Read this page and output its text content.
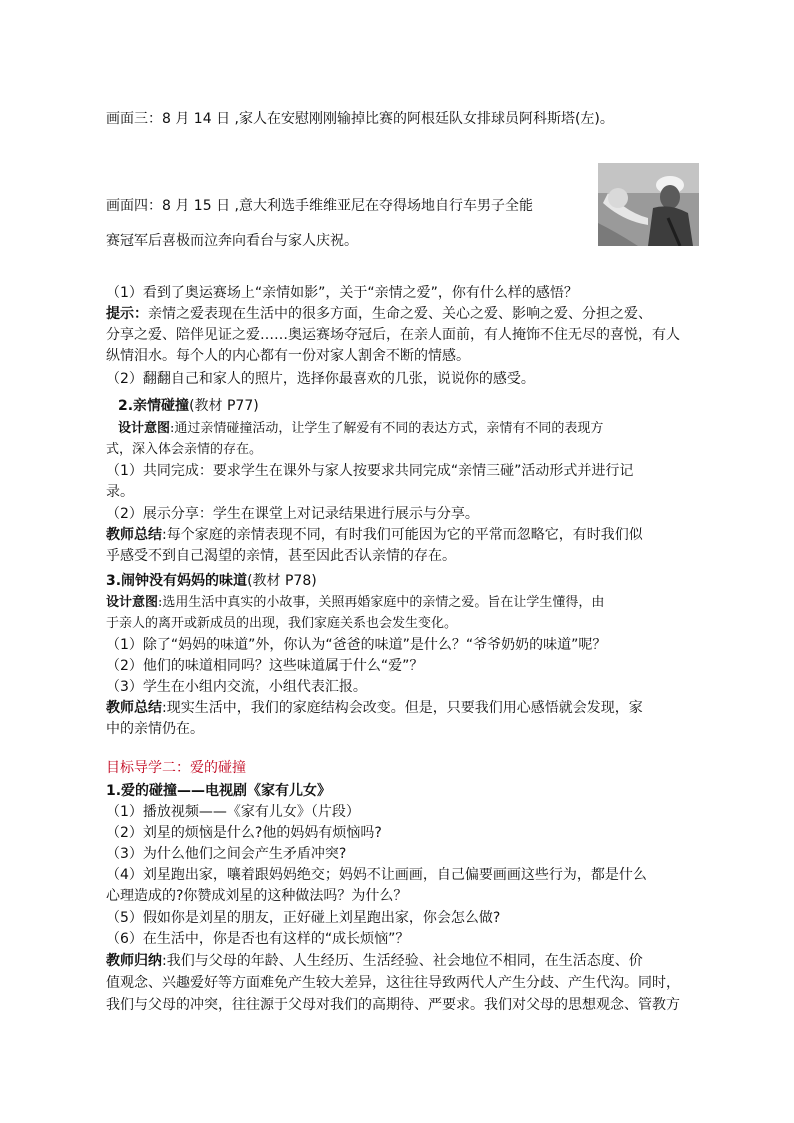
画面三：8 月 14 日 ,家人在安慰刚刚输掉比赛的阿根廷队女排球员阿科斯塔(左)。
画面四：8 月 15 日 ,意大利选手维维亚尼在夺得场地自行车男子全能
赛冠军后喜极而泣奔向看台与家人庆祝。
（1）看到了奥运赛场上“亲情如影”，关于“亲情之爱”，你有什么样的感悟？
提示：亲情之爱表现在生活中的很多方面，生命之爱、关心之爱、影响之爱、分担之爱、
分享之爱、陪伴见证之爱……奥运赛场夺冠后，在亲人面前，有人掩饰不住无尽的喜悦，有人
纵情泪水。每个人的内心都有一份对家人割舍不断的情感。
（2）翻翻自己和家人的照片，选择你最喜欢的几张，说说你的感受。
2.亲情碰撞(教材 P77)
设计意图:通过亲情碰撞活动，让学生了解爱有不同的表达方式，亲情有不同的表现方
式，深入体会亲情的存在。
（1）共同完成：要求学生在课外与家人按要求共同完成“亲情三碰”活动形式并进行记
录。
（2）展示分享：学生在课堂上对记录结果进行展示与分享。
教师总结:每个家庭的亲情表现不同，有时我们可能因为它的平常而忽略它，有时我们似
乎感受不到自己渴望的亲情，甚至因此否认亲情的存在。
3.闹钟没有妈妈的味道(教材 P78)
设计意图:选用生活中真实的小故事，关照再婚家庭中的亲情之爱。旨在让学生懂得，由
于亲人的离开或新成员的出现，我们家庭关系也会发生变化。
（1）除了“妈妈的味道”外，你认为“爸爸的味道”是什么？“爷爷奶奶的味道”呢？
（2）他们的味道相同吗？这些味道属于什么“爱”？
（3）学生在小组内交流，小组代表汇报。
教师总结:现实生活中，我们的家庭结构会改变。但是，只要我们用心感悟就会发现，家
中的亲情仍在。
目标导学二：爱的碰撞
1.爱的碰撞——电视剧《家有儿女》
（1）播放视频——《家有儿女》（片段）
（2）刘星的烦恼是什么?他的妈妈有烦恼吗?
（3）为什么他们之间会产生矛盾冲突?
（4）刘星跑出家，嚷着跟妈妈绝交；妈妈不让画画，自己偏要画画这些行为，都是什么
心理造成的?你赞成刘星的这种做法吗？为什么？
（5）假如你是刘星的朋友，正好碰上刘星跑出家，你会怎么做?
（6）在生活中，你是否也有这样的“成长烦恼”？
教师归纳:我们与父母的年龄、人生经历、生活经验、社会地位不相同，在生活态度、价
值观念、兴趣爱好等方面难免产生较大差异，这往往导致两代人产生分歧、产生代沟。同时，
我们与父母的冲突，往往源于父母对我们的高期待、严要求。我们对父母的思想观念、管教方
